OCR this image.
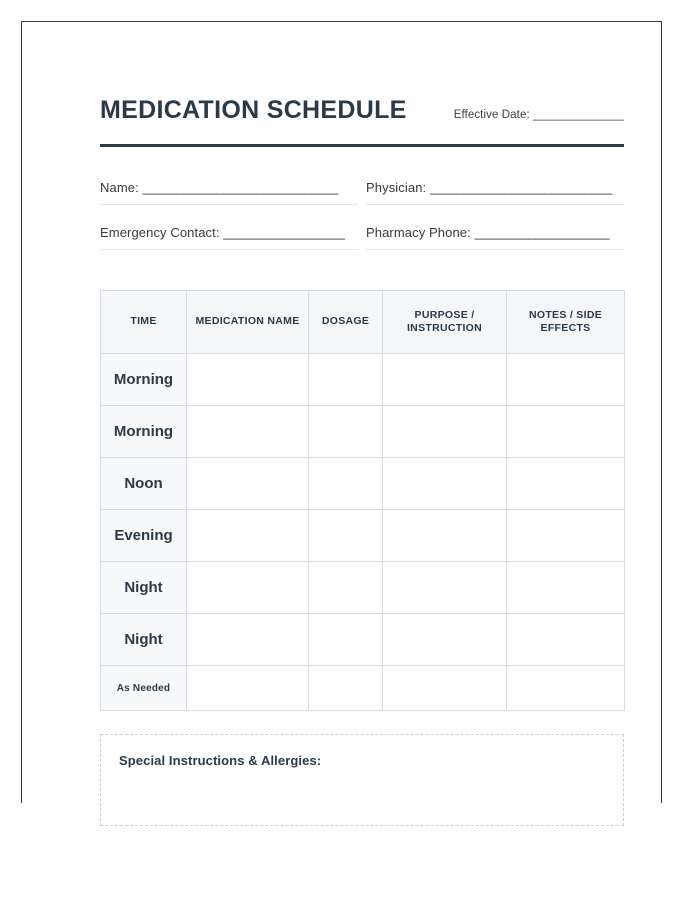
MEDICATION SCHEDULE	Effective Date: ______________
Name: _____________________________	Physician: ___________________________
Emergency Contact: __________________	Pharmacy Phone: ____________________
TIME	MEDICATION NAME	DOSAGE	PURPOSE / INSTRUCTION	NOTES / SIDE EFFECTS
Morning				
Morning				
Noon				
Evening				
Night				
Night				
As Needed				
Special Instructions & Allergies:
